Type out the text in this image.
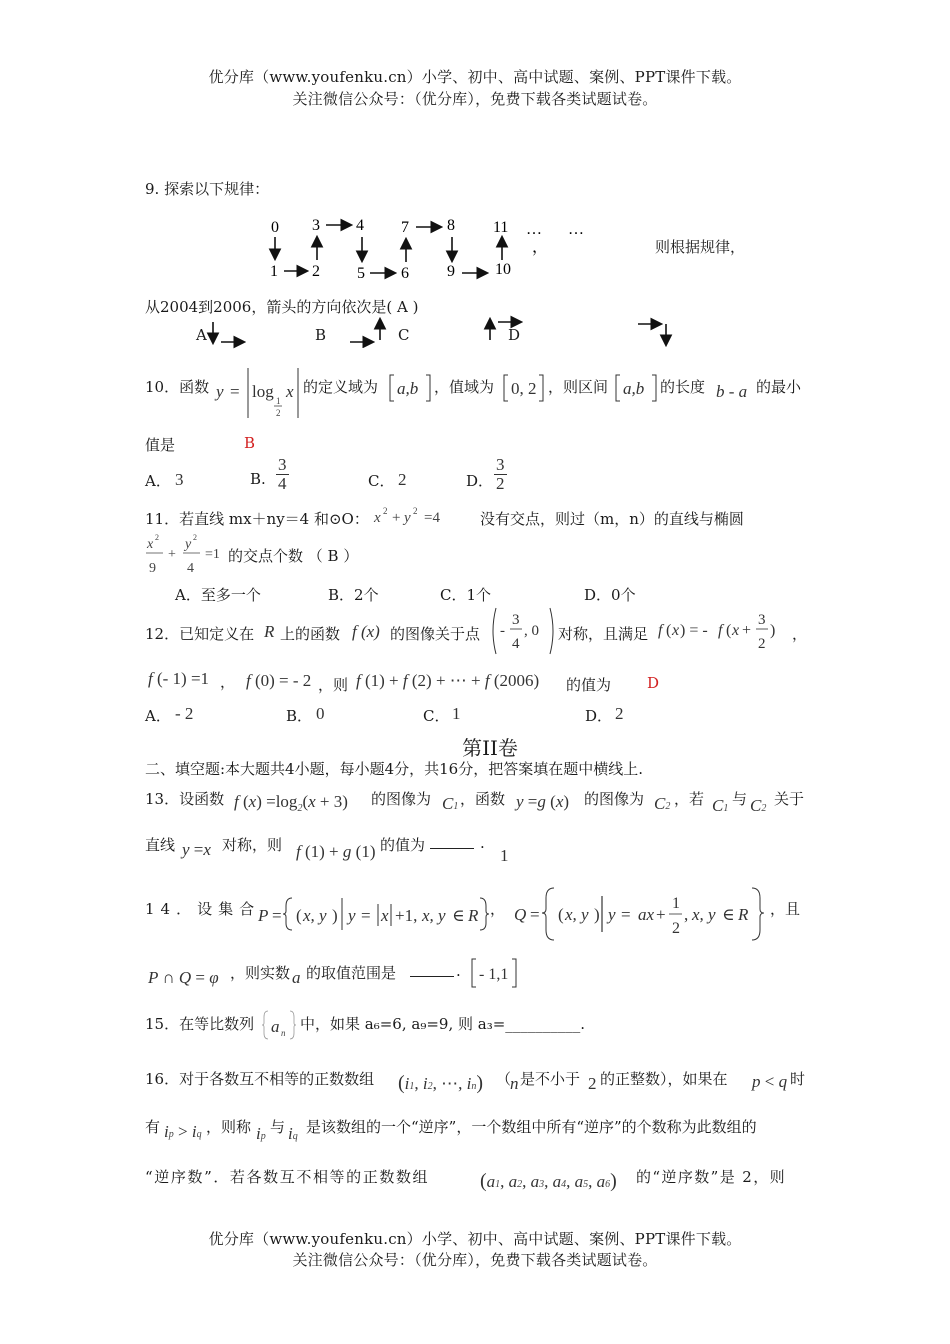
优分库（www.youfenku.cn）小学、初中、高中试题、案例、PPT课件下载。
关注微信公众号：（优分库），免费下载各类试题试卷。
9. 探索以下规律：
0 3 4 7 8 11 … …
，
1 2 5 6 9	10
则根据规律，
从2004到2006，箭头的方向依次是( A )
A	B	C	D
10．函数 y = log 1
2
x 的定义域为 a,b ，值域为 0, 2 ，则区间 a,b 的长度 b - a 的最小
值是	B
A． 3	B. $\frac{3}{4}$	C． 2	D． $\frac{3}{2}$
11．若直线 mx＋ny＝4 和⊙O： x 2 + y 2 =4	没有交点，则过（m，n）的直线与椭圆
x 2
9
+
y 2
4
=1 的交点个数 （ B ）
A．至多一个	B．2个	C．1个	D．0个
12．已知定义在 R 上的函数 f (x) 的图像关于点 -
3
4
, 0 对称，且满足 f ( x ) = - f ( x +
3
2
) ，
f (- 1) =1 ， f (0) = - 2 ，则 f (1) + f (2) + ⋯ + f (2006) 的值为 D
A． - 2	B． 0	C． 1	D． 2
第II卷
二、填空题:本大题共4小题，每小题4分，共16分，把答案填在题中横线上.
13．设函数 f $(x) =\log_2(x + 3)$ 的图像为 C1 ，函数 y =g (x) 的图像为 C2 ，若 C1
与 C2
关于
直线 y =x 对称，则 f (1) + g (1) 的值为	.
1
14．设集合
P = ( x, y ) y = x +1, x, y ∈ R ， Q = ( x, y ) y = ax +
1
2
, x, y ∈ R ，且
P ∩ Q = φ ，则实数 a 的取值范围是	. - 1,1
15．在等比数列 a n 中，如果 a₆=6, a₉=9, 则 a₃=__________.
16．对于各数互不相等的正数数组 (i1, i2, ⋯, in) （
n 是不小于 2 的正整数），如果在 p < q 时
有 ip > iq ，则称 ip
与 iq
是该数组的一个“逆序”，一个数组中所有“逆序”的个数称为此数组的
“逆序数”．若各数互不相等的正数数组	(a1, a2, a3, a4, a5, a6) 的“逆序数”是 2，则
优分库（www.youfenku.cn）小学、初中、高中试题、案例、PPT课件下载。
关注微信公众号：（优分库），免费下载各类试题试卷。
